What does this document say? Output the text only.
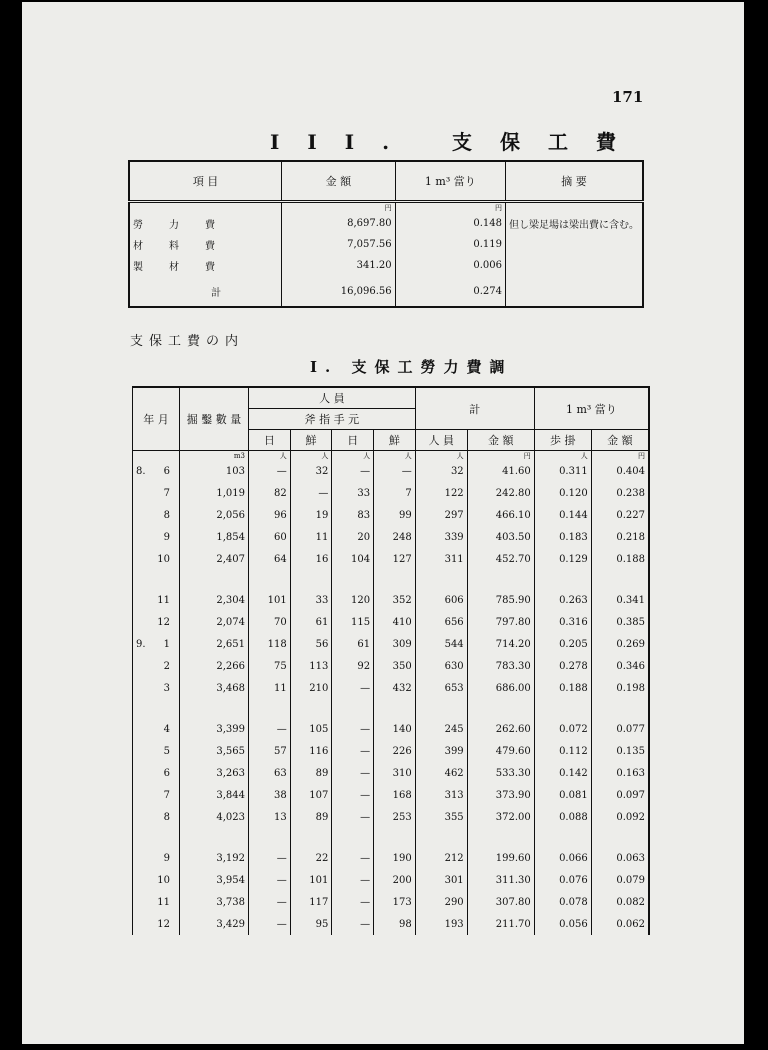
171
III. 支保工費
項 目	金 額	1 m³ 當り	摘 要
	円	円	
勞力費	8,697.80	0.148	但し梁足場は梁出費に含む。
材料費	7,057.56	0.119	
製材費	341.20	0.006	
計	16,096.56	0.274	
支保工費の内
I. 支保工勞力費調
年 月	掘 鑿 數 量	人 員				計		1 m³ 當り	
		斧 指 手 元							
		日	鮮	日	鮮	人 員	金 額	歩 掛	金 額
	m3	人	人	人	人	人	円	人	円
8. 6	103	—	32	—	—	32	41.60	0.311	0.404
7	1,019	82	—	33	7	122	242.80	0.120	0.238
8	2,056	96	19	83	99	297	466.10	0.144	0.227
9	1,854	60	11	20	248	339	403.50	0.183	0.218
10	2,407	64	16	104	127	311	452.70	0.129	0.188

11	2,304	101	33	120	352	606	785.90	0.263	0.341
12	2,074	70	61	115	410	656	797.80	0.316	0.385
9. 1	2,651	118	56	61	309	544	714.20	0.205	0.269
2	2,266	75	113	92	350	630	783.30	0.278	0.346
3	3,468	11	210	—	432	653	686.00	0.188	0.198

4	3,399	—	105	—	140	245	262.60	0.072	0.077
5	3,565	57	116	—	226	399	479.60	0.112	0.135
6	3,263	63	89	—	310	462	533.30	0.142	0.163
7	3,844	38	107	—	168	313	373.90	0.081	0.097
8	4,023	13	89	—	253	355	372.00	0.088	0.092

9	3,192	—	22	—	190	212	199.60	0.066	0.063
10	3,954	—	101	—	200	301	311.30	0.076	0.079
11	3,738	—	117	—	173	290	307.80	0.078	0.082
12	3,429	—	95	—	98	193	211.70	0.056	0.062
